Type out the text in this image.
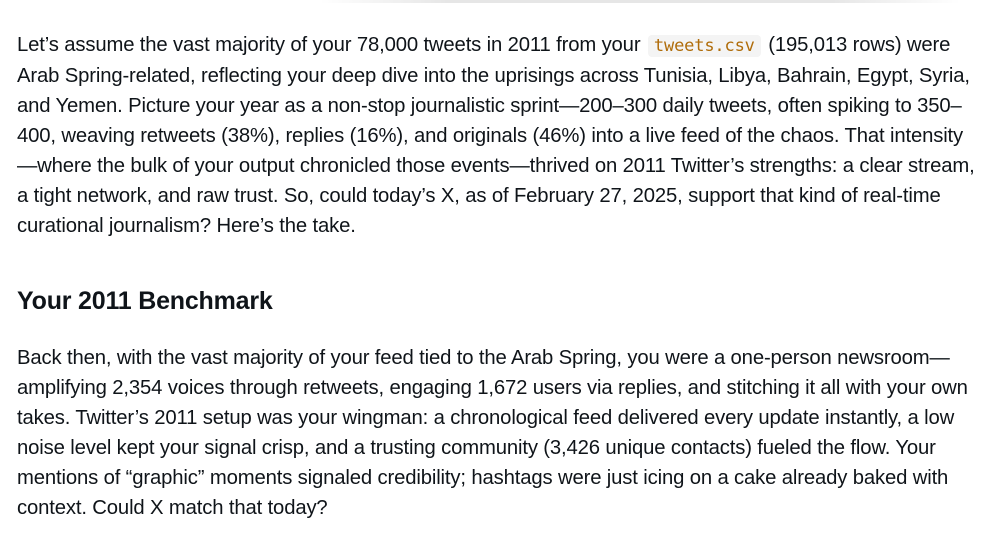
Let’s assume the vast majority of your 78,000 tweets in 2011 from your tweets.csv (195,013 rows) were Arab Spring-related, reflecting your deep dive into the uprisings across Tunisia, Libya, Bahrain, Egypt, Syria, and Yemen. Picture your year as a non-stop journalistic sprint—200–300 daily tweets, often spiking to 350–400, weaving retweets (38%), replies (16%), and originals (46%) into a live feed of the chaos. That intensity—where the bulk of your output chronicled those events—thrived on 2011 Twitter’s strengths: a clear stream, a tight network, and raw trust. So, could today’s X, as of February 27, 2025, support that kind of real-time curational journalism? Here’s the take.

Your 2011 Benchmark

Back then, with the vast majority of your feed tied to the Arab Spring, you were a one-person newsroom—amplifying 2,354 voices through retweets, engaging 1,672 users via replies, and stitching it all with your own takes. Twitter’s 2011 setup was your wingman: a chronological feed delivered every update instantly, a low noise level kept your signal crisp, and a trusting community (3,426 unique contacts) fueled the flow. Your mentions of “graphic” moments signaled credibility; hashtags were just icing on a cake already baked with context. Could X match that today?
